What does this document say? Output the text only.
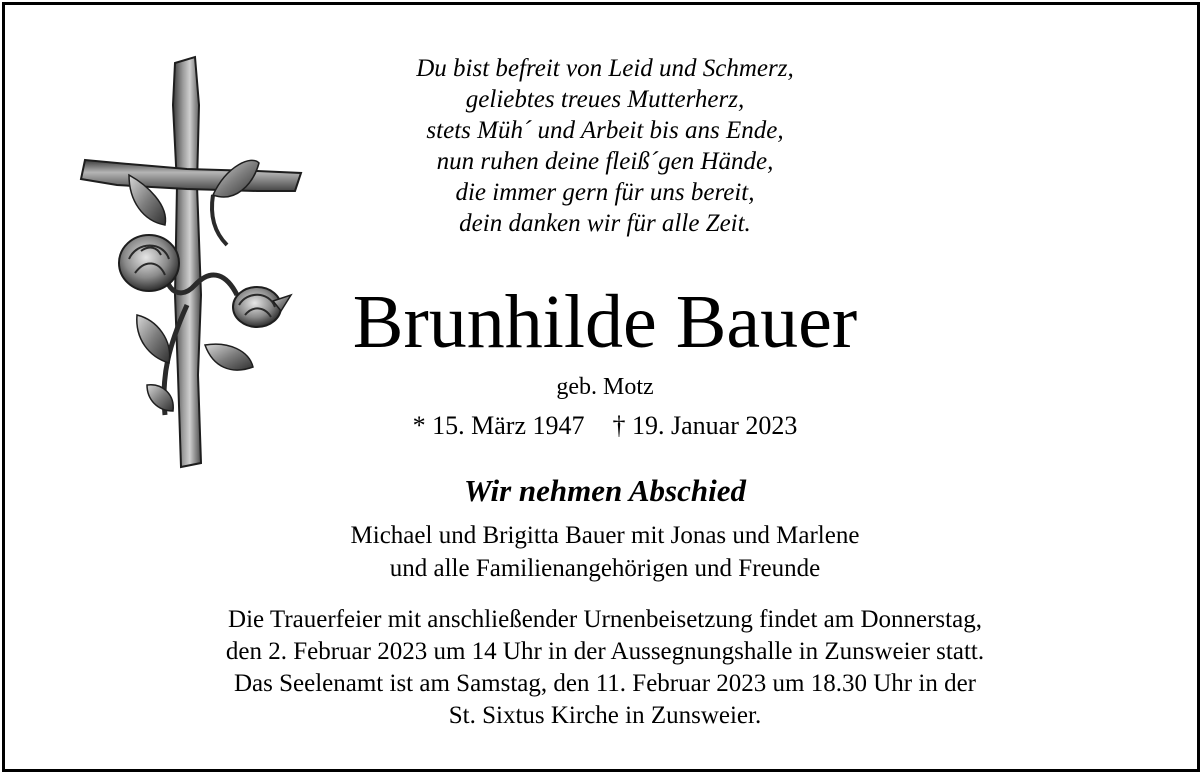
Du bist befreit von Leid und Schmerz,
geliebtes treues Mutterherz,
stets Müh´ und Arbeit bis ans Ende,
nun ruhen deine fleiß´gen Hände,
die immer gern für uns bereit,
dein danken wir für alle Zeit.
Brunhilde Bauer
geb. Motz
* 15. März 1947 † 19. Januar 2023
Wir nehmen Abschied
Michael und Brigitta Bauer mit Jonas und Marlene
und alle Familienangehörigen und Freunde
Die Trauerfeier mit anschließender Urnenbeisetzung findet am Donnerstag,
den 2. Februar 2023 um 14 Uhr in der Aussegnungshalle in Zunsweier statt.
Das Seelenamt ist am Samstag, den 11. Februar 2023 um 18.30 Uhr in der
St. Sixtus Kirche in Zunsweier.
